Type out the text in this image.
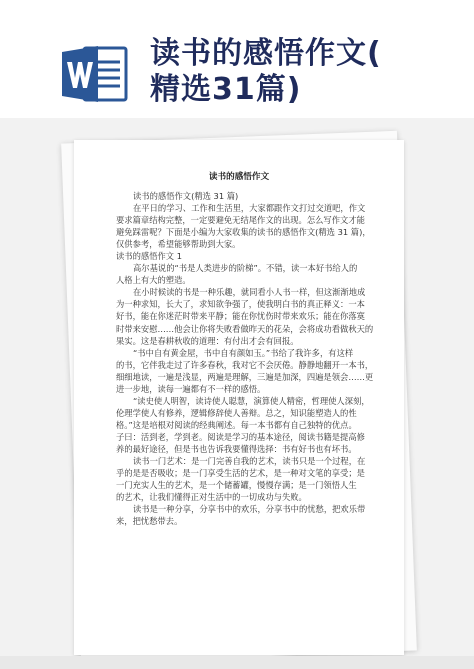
读书的感悟作文(
精选31篇)
读书的感悟作文
读书的感悟作文(精选 31 篇)
在平日的学习、工作和生活里，大家都跟作文打过交道吧，作文
要求篇章结构完整，一定要避免无结尾作文的出现。怎么写作文才能
避免踩雷呢？下面是小编为大家收集的读书的感悟作文(精选 31 篇)，
仅供参考，希望能够帮助到大家。
读书的感悟作文 1
高尔基说的“书是人类进步的阶梯”。不错，读一本好书给人的
人格上有大的塑造。
在小时候读的书是一种乐趣，就同看小人书一样，但这渐渐地成
为一种求知，长大了，求知欲争强了，使我明白书的真正释义：一本
好书，能在你迷茫时带来平静；能在你忧伤时带来欢乐；能在你落寞
时带来安慰……他会让你将失败看做昨天的花朵，会将成功看做秋天的
果实。这是春耕秋收的道理：有付出才会有回报。
“书中自有黄金屋，书中自有颜如玉。”书给了我许多，有这样
的书，它伴我走过了许多春秋，我对它不会厌倦。静静地翻开一本书，
细细地读，一遍是浅显，两遍是理解，三遍是加深，四遍是领会……更
进一步地，读每一遍都有不一样的感悟。
“读史使人明智，读诗使人聪慧，演算使人精密，哲理使人深刻，
伦理学使人有修养，逻辑修辞使人善辩。总之，知识能塑造人的性
格。”这是培根对阅读的经典阐述。每一本书都有自己独特的优点。
子曰：活到老，学到老。阅读是学习的基本途径，阅读书籍是提高修
养的最好途径，但是书也告诉我要懂得选择：书有好书也有坏书。
读书一门艺术：是一门完善自我的艺术，读书只是一个过程，在
乎的是是否吸收；是一门享受生活的艺术，是一种对文笔的享受；是
一门充实人生的艺术，是一个储蓄罐，慢慢存满；是一门领悟人生
的艺术，让我们懂得正对生活中的一切成功与失败。
读书是一种分享，分享书中的欢乐，分享书中的忧愁，把欢乐带
来，把忧愁带去。
